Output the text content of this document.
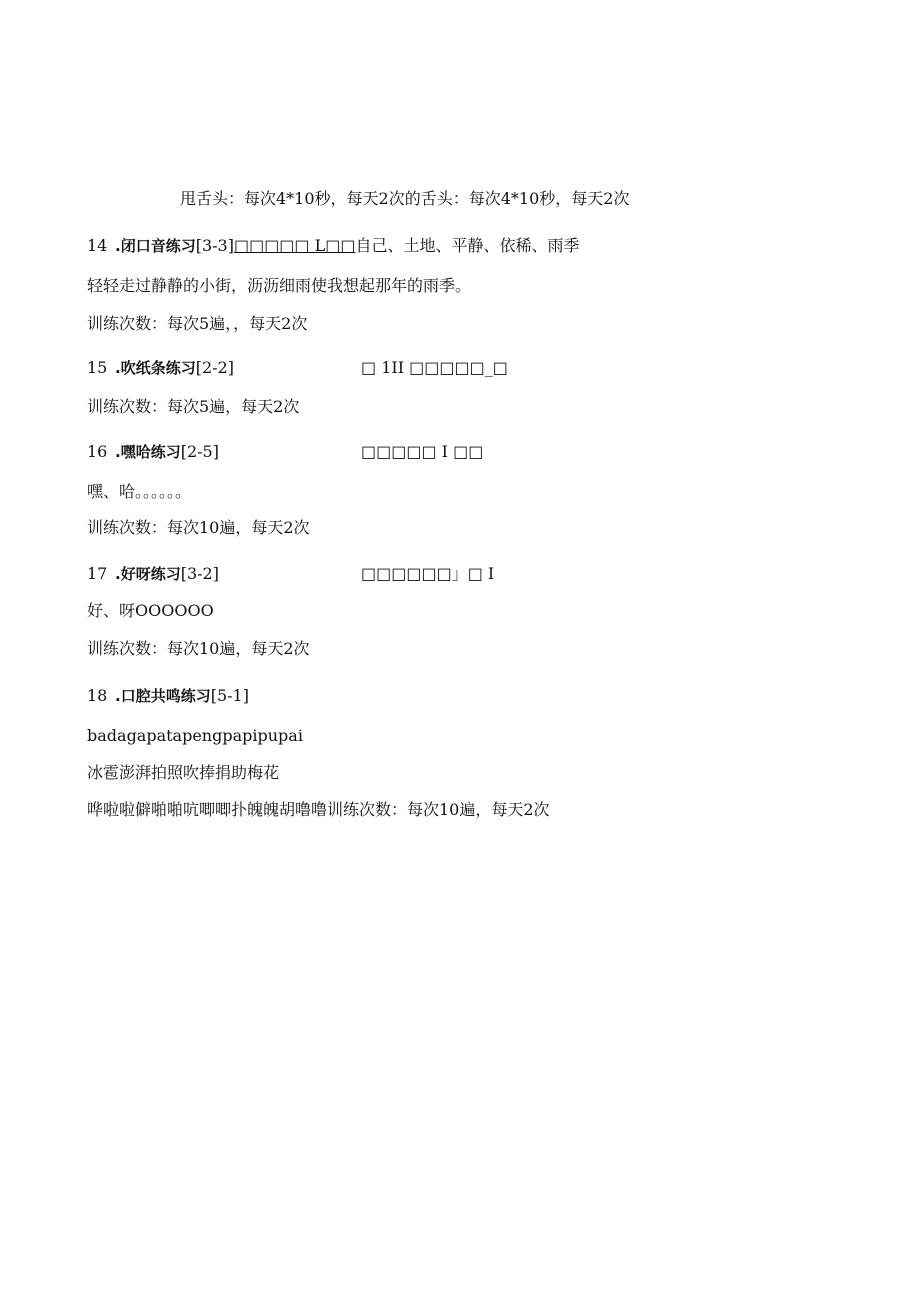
甩舌头：每次4*10秒，每天2次的舌头：每次4*10秒，每天2次
14 .闭口音练习[3-3]□□□□□ L□□自己、土地、平静、依稀、雨季
轻轻走过静静的小街，沥沥细雨使我想起那年的雨季。
训练次数：每次5遍，，每天2次
15 .吹纸条练习[2-2]	□ 1II □□□□□_□
训练次数：每次5遍，每天2次
16 .嘿哈练习[2-5]	□□□□□ I □□
嘿、哈。。。。。。
训练次数：每次10遍，每天2次
17 .好呀练习[3-2]	□□□□□□」□ I
好、呀OOOOOO
训练次数：每次10遍，每天2次
18 .口腔共鸣练习[5-1]
badagapatapengpapipupai
冰雹澎湃拍照吹捧捐助梅花
哗啦啦僻啪啪吭唧唧扑魄魄胡噜噜训练次数：每次10遍，每天2次
